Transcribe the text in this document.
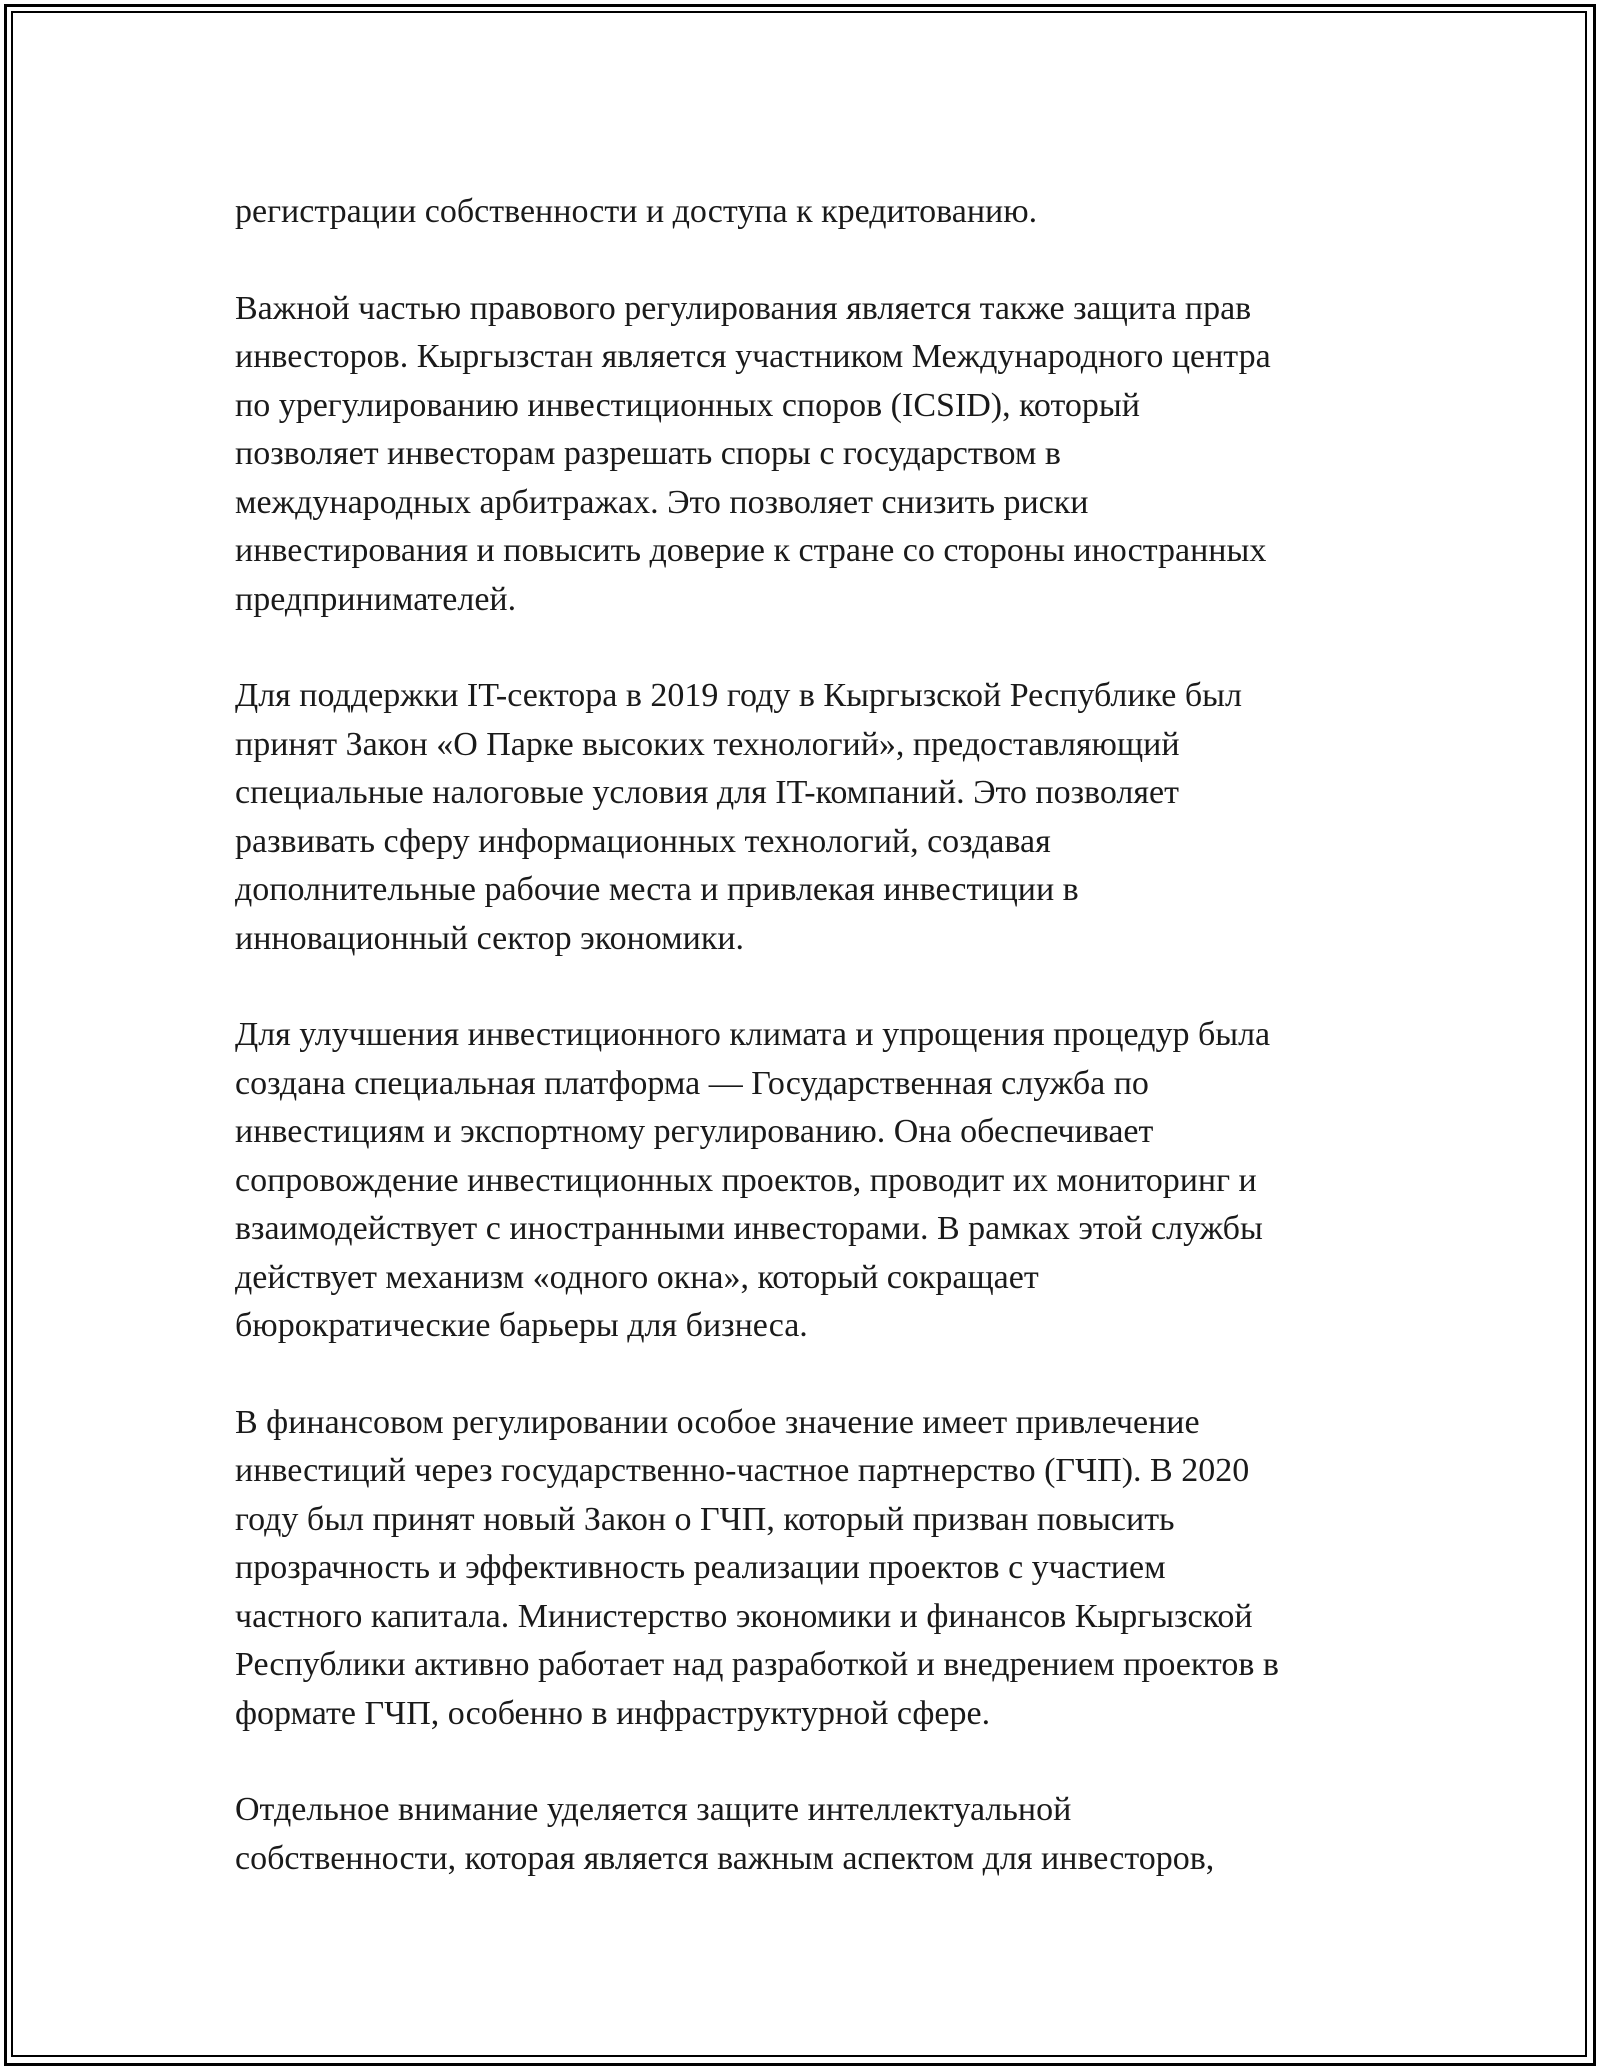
регистрации собственности и доступа к кредитованию.

Важной частью правового регулирования является также защита прав
инвесторов. Кыргызстан является участником Международного центра
по урегулированию инвестиционных споров (ICSID), который
позволяет инвесторам разрешать споры с государством в
международных арбитражах. Это позволяет снизить риски
инвестирования и повысить доверие к стране со стороны иностранных
предпринимателей.

Для поддержки IT-сектора в 2019 году в Кыргызской Республике был
принят Закон «О Парке высоких технологий», предоставляющий
специальные налоговые условия для IT-компаний. Это позволяет
развивать сферу информационных технологий, создавая
дополнительные рабочие места и привлекая инвестиции в
инновационный сектор экономики.

Для улучшения инвестиционного климата и упрощения процедур была
создана специальная платформа — Государственная служба по
инвестициям и экспортному регулированию. Она обеспечивает
сопровождение инвестиционных проектов, проводит их мониторинг и
взаимодействует с иностранными инвесторами. В рамках этой службы
действует механизм «одного окна», который сокращает
бюрократические барьеры для бизнеса.

В финансовом регулировании особое значение имеет привлечение
инвестиций через государственно-частное партнерство (ГЧП). В 2020
году был принят новый Закон о ГЧП, который призван повысить
прозрачность и эффективность реализации проектов с участием
частного капитала. Министерство экономики и финансов Кыргызской
Республики активно работает над разработкой и внедрением проектов в
формате ГЧП, особенно в инфраструктурной сфере.

Отдельное внимание уделяется защите интеллектуальной
собственности, которая является важным аспектом для инвесторов,
